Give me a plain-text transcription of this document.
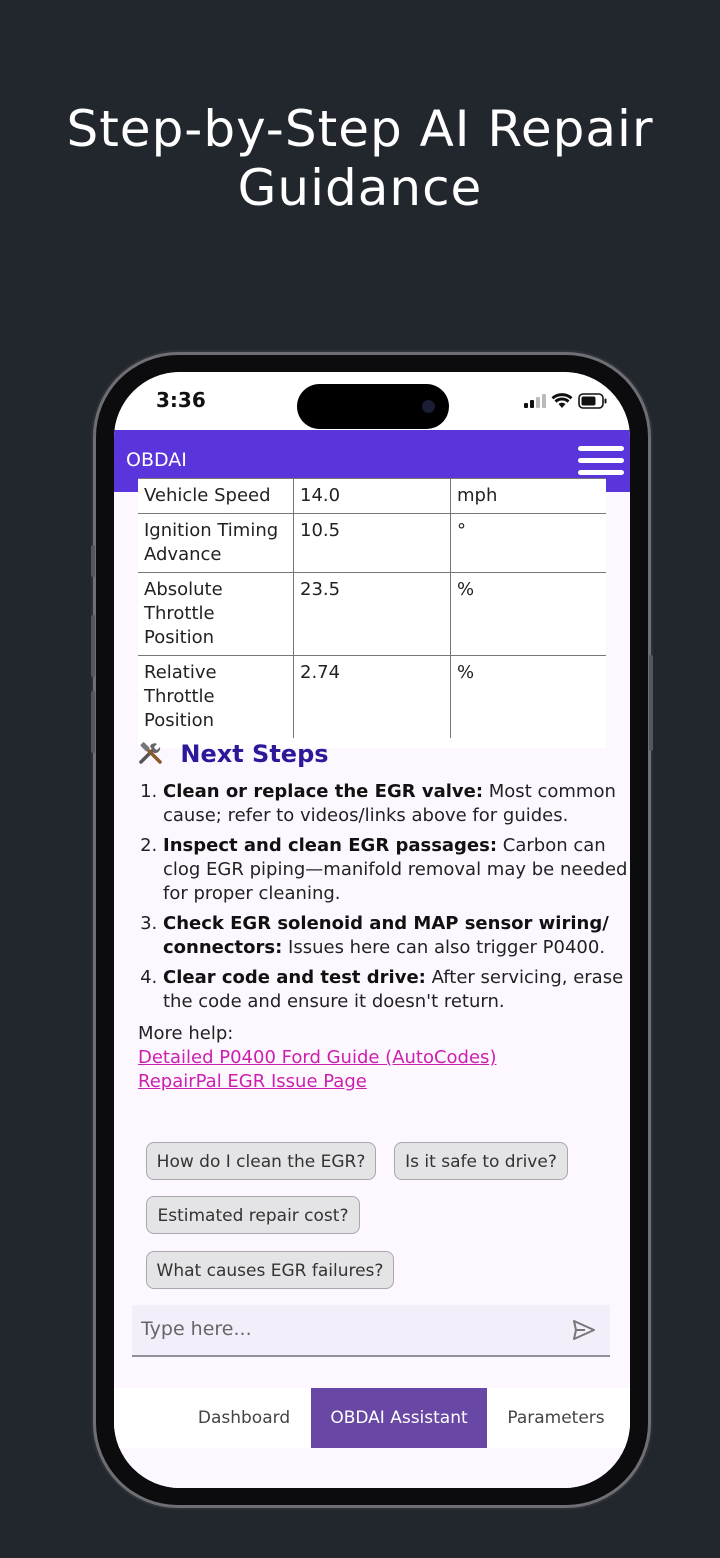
Step-by-Step AI Repair
Guidance
3:36
OBDAI
Vehicle Speed	14.0	mph
Ignition Timing Advance	10.5	°
Absolute Throttle Position	23.5	%
Relative Throttle Position	2.74	%
Next Steps
1. Clean or replace the EGR valve: Most common cause; refer to videos/links above for guides.
2. Inspect and clean EGR passages: Carbon can clog EGR piping—manifold removal may be needed for proper cleaning.
3. Check EGR solenoid and MAP sensor wiring/ connectors: Issues here can also trigger P0400.
4. Clear code and test drive: After servicing, erase the code and ensure it doesn't return.
More help:
Detailed P0400 Ford Guide (AutoCodes)
RepairPal EGR Issue Page
How do I clean the EGR?	Is it safe to drive?
Estimated repair cost?
What causes EGR failures?
Type here...
Dashboard	OBDAI Assistant	Parameters
